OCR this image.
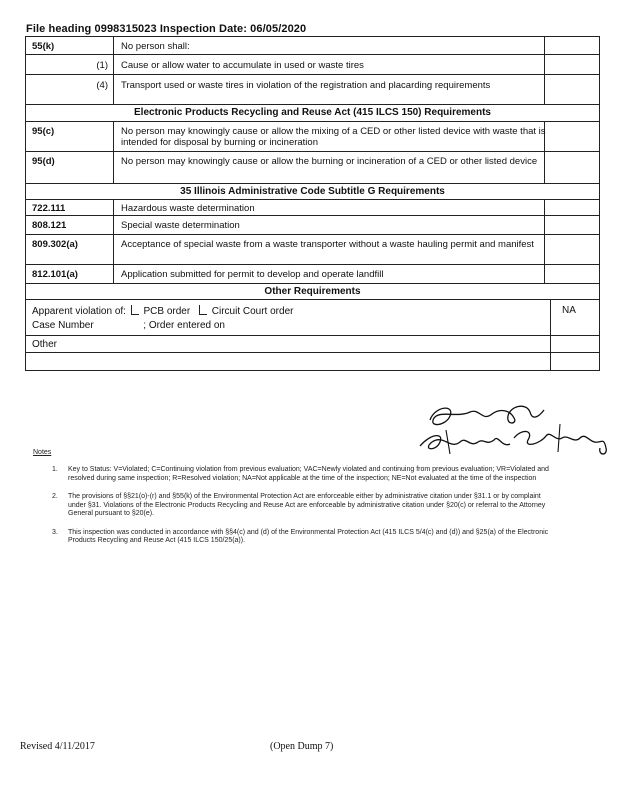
File heading 0998315023 Inspection Date: 06/05/2020
55(k)	No person shall:
(1) Cause or allow water to accumulate in used or waste tires
(4) Transport used or waste tires in violation of the registration and placarding requirements
Electronic Products Recycling and Reuse Act (415 ILCS 150) Requirements
95(c)	No person may knowingly cause or allow the mixing of a CED or other listed device with waste that is intended for disposal by burning or incineration
95(d)	No person may knowingly cause or allow the burning or incineration of a CED or other listed device
35 Illinois Administrative Code Subtitle G Requirements
722.111	Hazardous waste determination
808.121	Special waste determination
809.302(a)	Acceptance of special waste from a waste transporter without a waste hauling permit and manifest
812.101(a)	Application submitted for permit to develop and operate landfill
Other Requirements
Apparent violation of: PCB order Circuit Court order
Case Number	; Order entered on
NA
Other
Notes
1. Key to Status: V=Violated; C=Continuing violation from previous evaluation; VAC=Newly violated and continuing from previous evaluation; VR=Violated and resolved during same inspection; R=Resolved violation; NA=Not applicable at the time of the inspection; NE=Not evaluated at the time of the inspection
2. The provisions of §§21(o)-(r) and §55(k) of the Environmental Protection Act are enforceable either by administrative citation under §31.1 or by complaint under §31. Violations of the Electronic Products Recycling and Reuse Act are enforceable by administrative citation under §20(c) or referral to the Attorney General pursuant to §20(e).
3. This inspection was conducted in accordance with §§4(c) and (d) of the Environmental Protection Act (415 ILCS 5/4(c) and (d)) and §25(a) of the Electronic Products Recycling and Reuse Act (415 ILCS 150/25(a)).
Revised 4/11/2017	(Open Dump 7)
